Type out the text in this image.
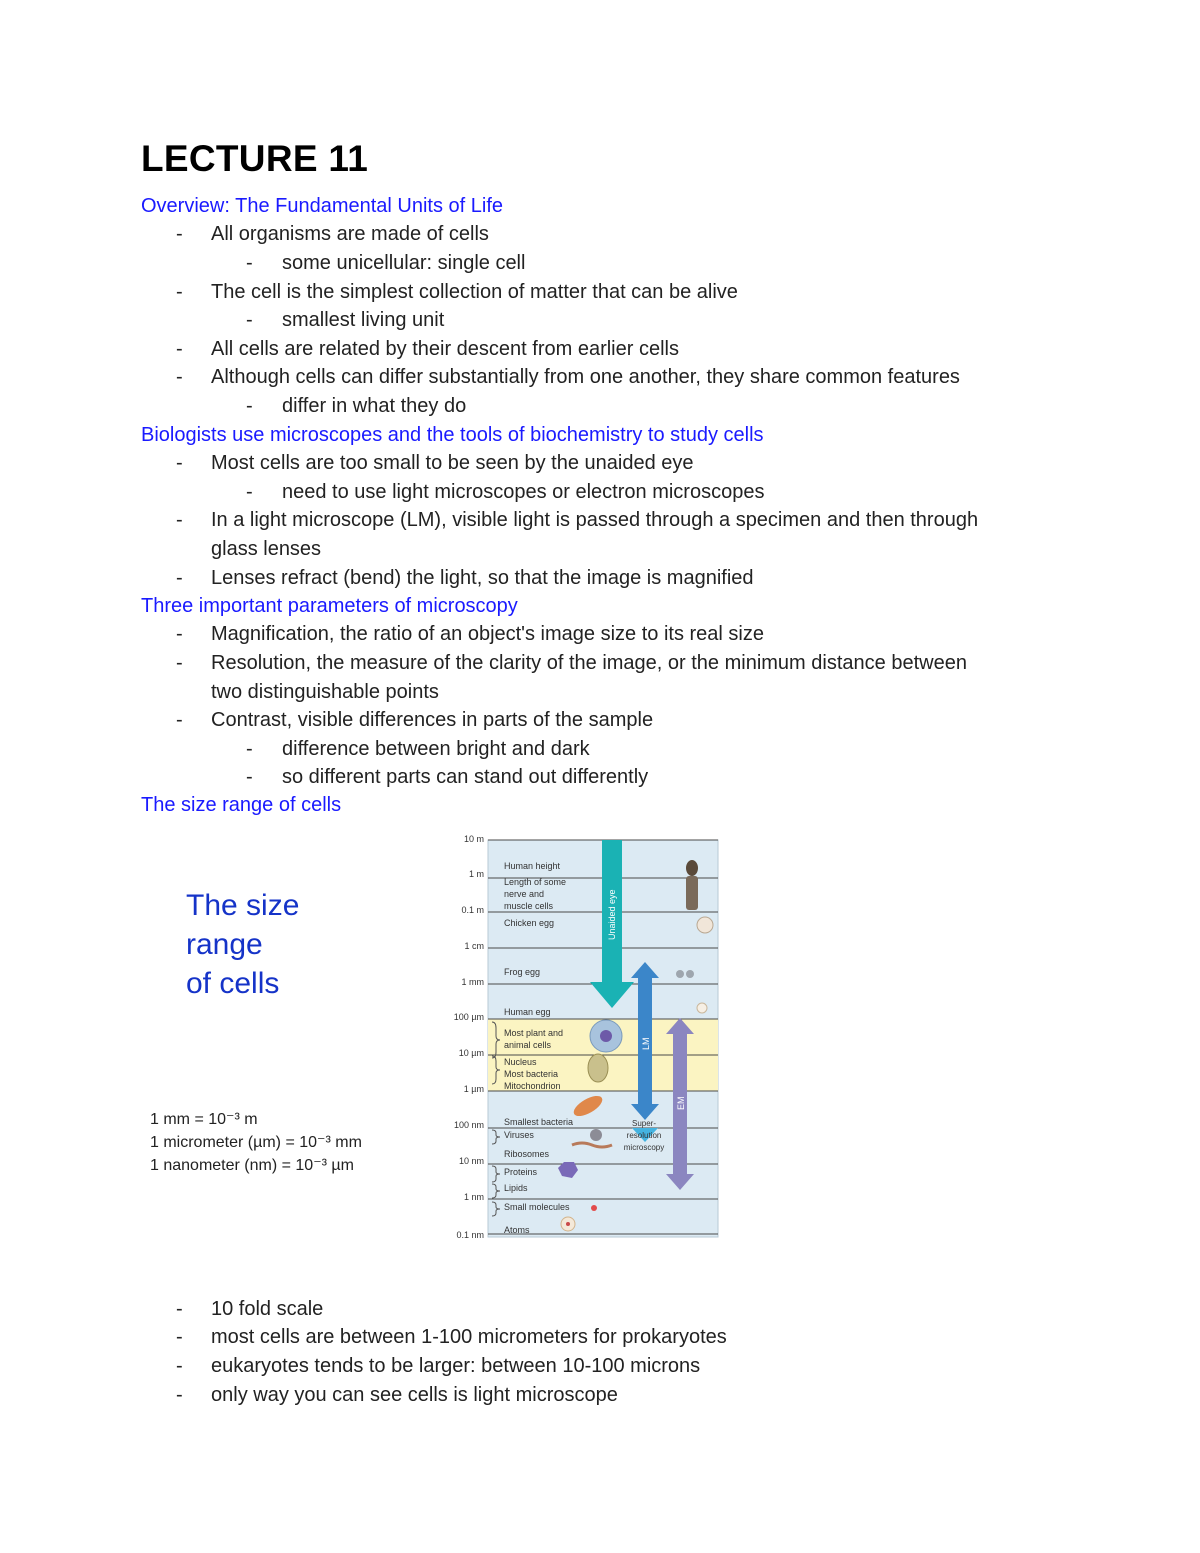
LECTURE 11
Overview: The Fundamental Units of Life
- All organisms are made of cells
- some unicellular: single cell
- The cell is the simplest collection of matter that can be alive
- smallest living unit
- All cells are related by their descent from earlier cells
- Although cells can differ substantially from one another, they share common features
- differ in what they do
Biologists use microscopes and the tools of biochemistry to study cells
- Most cells are too small to be seen by the unaided eye
- need to use light microscopes or electron microscopes
- In a light microscope (LM), visible light is passed through a specimen and then through
glass lenses
- Lenses refract (bend) the light, so that the image is magnified
Three important parameters of microscopy
- Magnification, the ratio of an object's image size to its real size
- Resolution, the measure of the clarity of the image, or the minimum distance between
two distinguishable points
- Contrast, visible differences in parts of the sample
- difference between bright and dark
- so different parts can stand out differently
The size range of cells
- 10 fold scale
- most cells are between 1-100 micrometers for prokaryotes
- eukaryotes tends to be larger: between 10-100 microns
- only way you can see cells is light microscope
The size
range
of cells
1 mm = 10⁻³ m
1 micrometer (µm) = 10⁻³ mm
1 nanometer (nm) = 10⁻³ µm
10 m
1 m
0.1 m
1 cm
1 mm
100 µm
10 µm
1 µm
100 nm
10 nm
1 nm
0.1 nm
Human height
Length of some
nerve and
muscle cells
Chicken egg
Frog egg
Human egg
Most plant and
animal cells
Nucleus
Most bacteria
Mitochondrion
Smallest bacteria
Viruses
Ribosomes
Proteins
Lipids
Small molecules
Atoms
Unaided eye
LM
Super-
resolution
microscopy
EM
